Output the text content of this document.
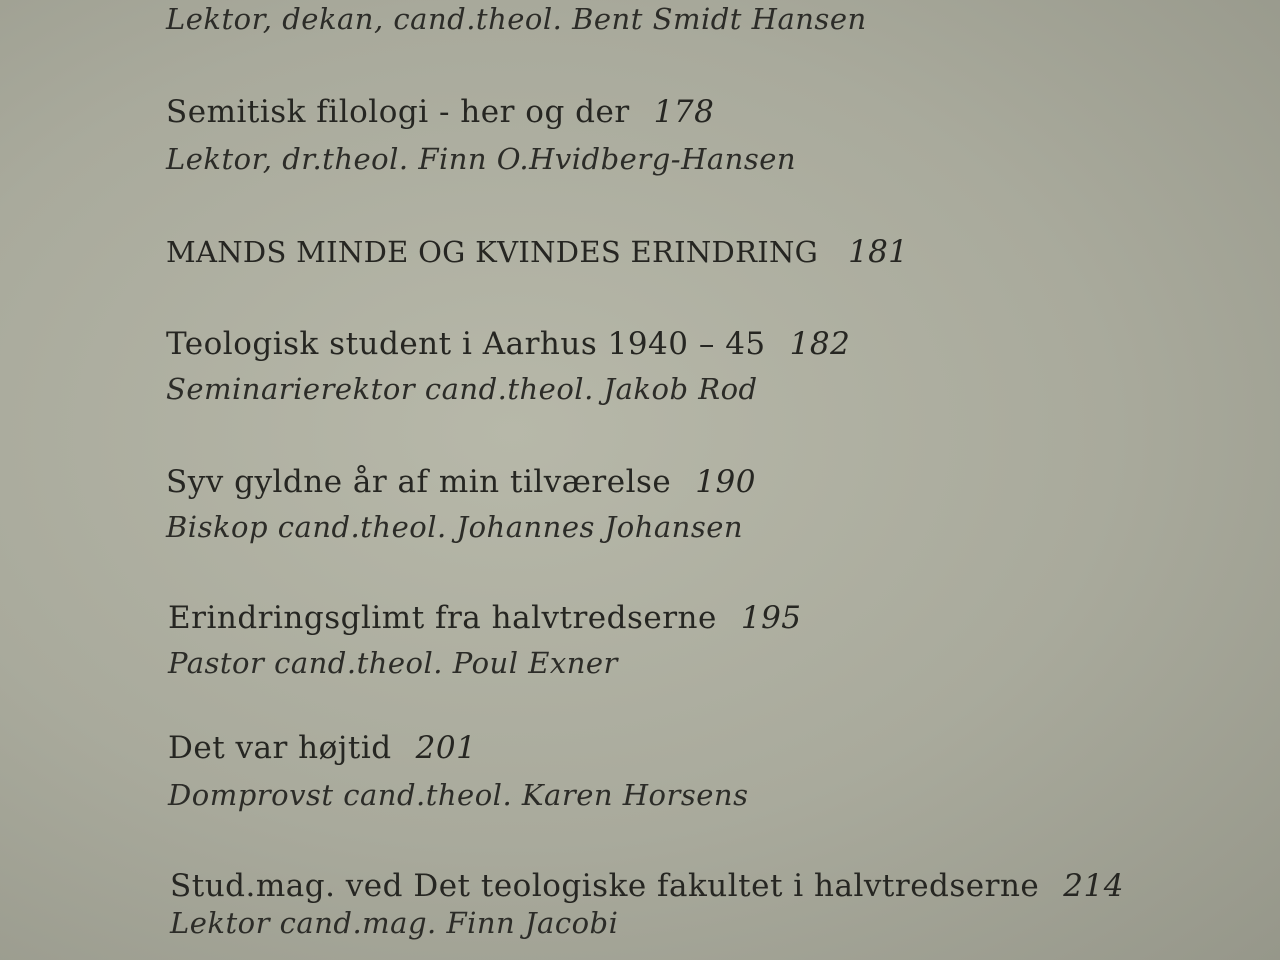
Lektor, dekan, cand.theol. Bent Smidt Hansen
Semitisk filologi - her og der 178
Lektor, dr.theol. Finn O.Hvidberg-Hansen
MANDS MINDE OG KVINDES ERINDRING 181
Teologisk student i Aarhus 1940 – 45 182
Seminarierektor cand.theol. Jakob Rod
Syv gyldne år af min tilværelse 190
Biskop cand.theol. Johannes Johansen
Erindringsglimt fra halvtredserne 195
Pastor cand.theol. Poul Exner
Det var højtid 201
Domprovst cand.theol. Karen Horsens
Stud.mag. ved Det teologiske fakultet i halvtredserne 214
Lektor cand.mag. Finn Jacobi
